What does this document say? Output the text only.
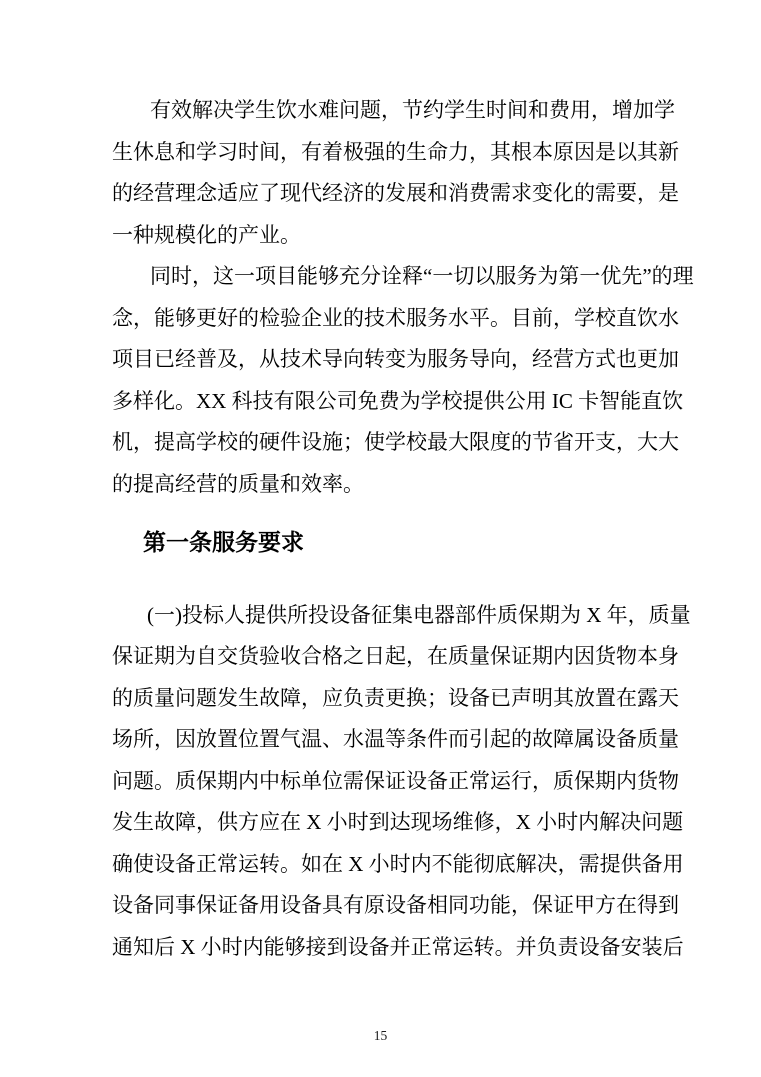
有效解决学生饮水难问题，节约学生时间和费用，增加学
生休息和学习时间，有着极强的生命力，其根本原因是以其新
的经营理念适应了现代经济的发展和消费需求变化的需要，是
一种规模化的产业。
同时，这一项目能够充分诠释“一切以服务为第一优先”的理
念，能够更好的检验企业的技术服务水平。目前，学校直饮水
项目已经普及，从技术导向转变为服务导向，经营方式也更加
多样化。XX 科技有限公司免费为学校提供公用 IC 卡智能直饮
机，提高学校的硬件设施；使学校最大限度的节省开支，大大
的提高经营的质量和效率。
第一条服务要求
(一)投标人提供所投设备征集电器部件质保期为 X 年，质量
保证期为自交货验收合格之日起，在质量保证期内因货物本身
的质量问题发生故障，应负责更换；设备已声明其放置在露天
场所，因放置位置气温、水温等条件而引起的故障属设备质量
问题。质保期内中标单位需保证设备正常运行，质保期内货物
发生故障，供方应在 X 小时到达现场维修，X 小时内解决问题
确使设备正常运转。如在 X 小时内不能彻底解决，需提供备用
设备同事保证备用设备具有原设备相同功能，保证甲方在得到
通知后 X 小时内能够接到设备并正常运转。并负责设备安装后
15
